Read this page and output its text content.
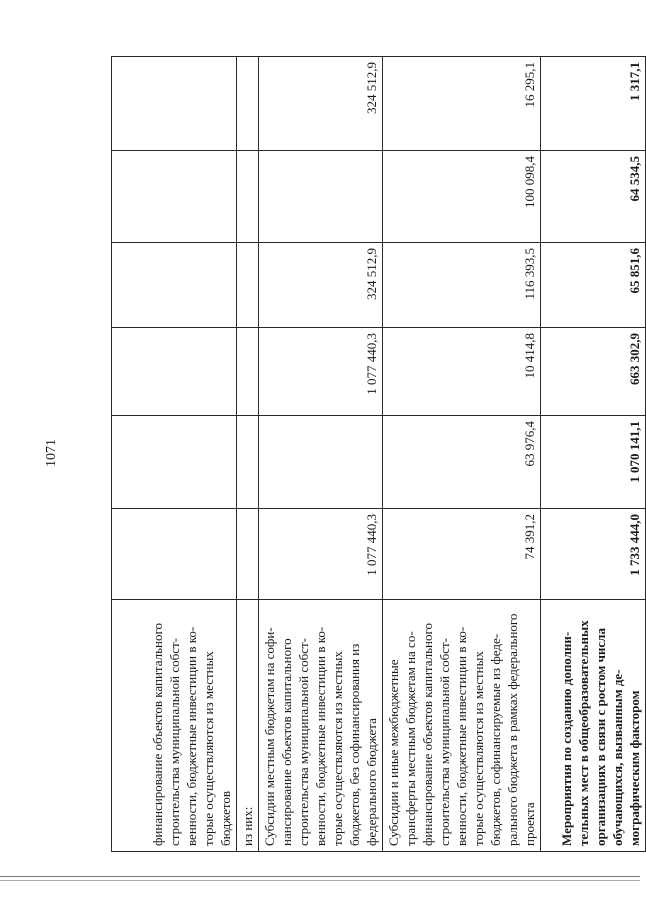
1071
финансирование объектов капитального строительства муниципальной собственности, бюджетные инвестиции в которые осуществляются из местных бюджетов						
из них:						
Субсидии местным бюджетам на софинансирование объектов капитального строительства муниципальной собственности, бюджетные инвестиции в которые осуществляются из местных бюджетов, без софинансирования из федерального бюджета	1 077 440,3		1 077 440,3	324 512,9		324 512,9
Субсидии и иные межбюджетные трансферты местным бюджетам на софинансирование объектов капитального строительства муниципальной собственности, бюджетные инвестиции в которые осуществляются из местных бюджетов, софинансируемые из федерального бюджета в рамках федерального проекта	74 391,2	63 976,4	10 414,8	116 393,5	100 098,4	16 295,1
Мероприятия по созданию дополнительных мест в общеобразовательных организациях в связи с ростом числа обучающихся, вызванным демографическим фактором	1 733 444,0	1 070 141,1	663 302,9	65 851,6	64 534,5	1 317,1
